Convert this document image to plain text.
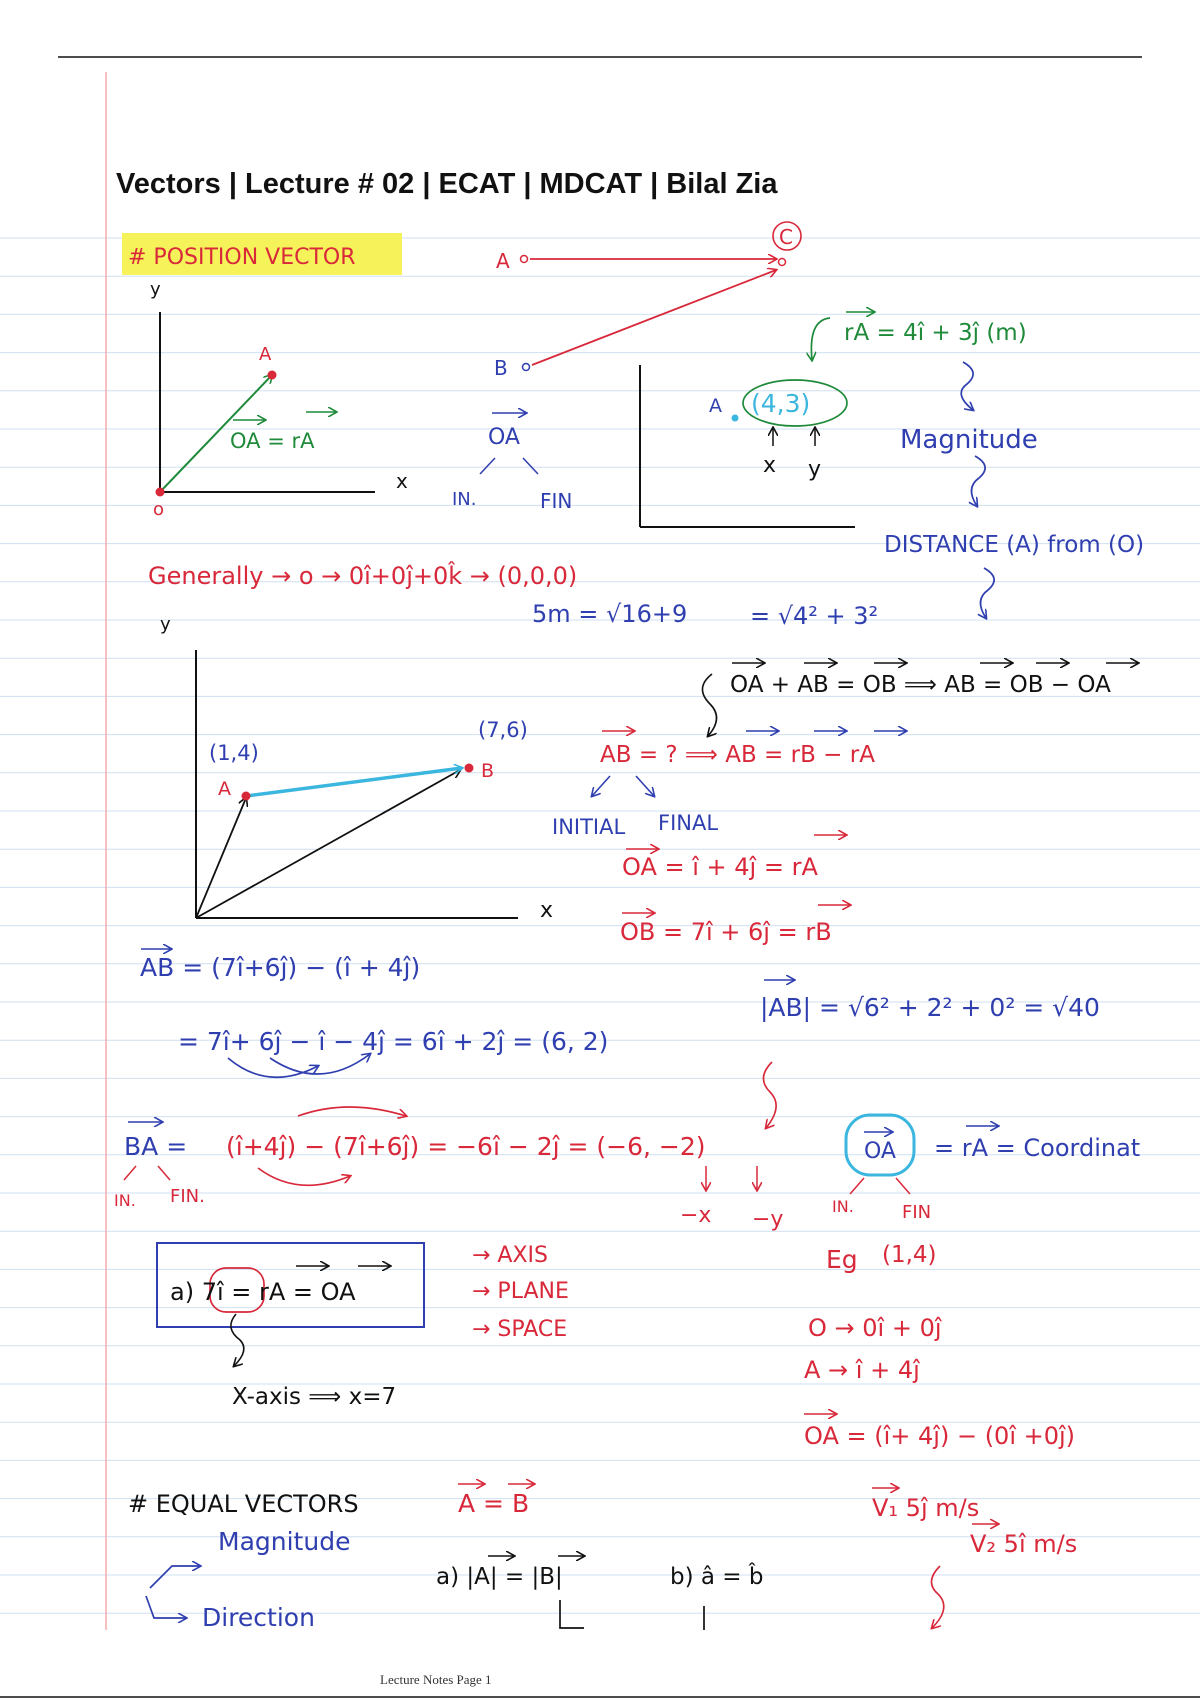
# POSITION VECTOR
y
x
o
A
OA = rA
A
C
B
OA
IN.	FIN
A (4,3)
x y
rA = 4î + 3ĵ (m)
Magnitude
DISTANCE (A) from (O)
Generally → o → 0î+0ĵ+0k̂ → (0,0,0)
5m = √16+9	= √4² + 3²
y
x
(1,4)
A
(7,6)
B
OA + AB = OB ⟹ AB = OB − OA
AB = ? ⟹ AB = rB − rA
INITIAL FINAL
OA = î + 4ĵ = rA
OB = 7î + 6ĵ = rB
AB = (7î+6ĵ) − (î + 4ĵ)
|AB| = √6² + 2² + 0² = √40
= 7î+ 6ĵ − î − 4ĵ = 6î + 2ĵ = (6, 2)
BA = (î+4ĵ) − (7î+6ĵ) = −6î − 2ĵ = (−6, −2)
IN. FIN.
−x −y
OA = rA = Coordinat
IN.	FIN
a) 7î = rA = OA
X-axis ⟹ x=7
→ AXIS
→ PLANE
→ SPACE
Eg (1,4)
O → 0î + 0ĵ
A → î + 4ĵ
OA = (î+ 4ĵ) − (0î +0ĵ)
# EQUAL VECTORS	A = B
Magnitude
Direction
a) |A| = |B|	b) â = b̂
V₁ 5ĵ m/s
V₂ 5î m/s
Vectors | Lecture # 02 | ECAT | MDCAT | Bilal Zia
Lecture Notes Page 1
